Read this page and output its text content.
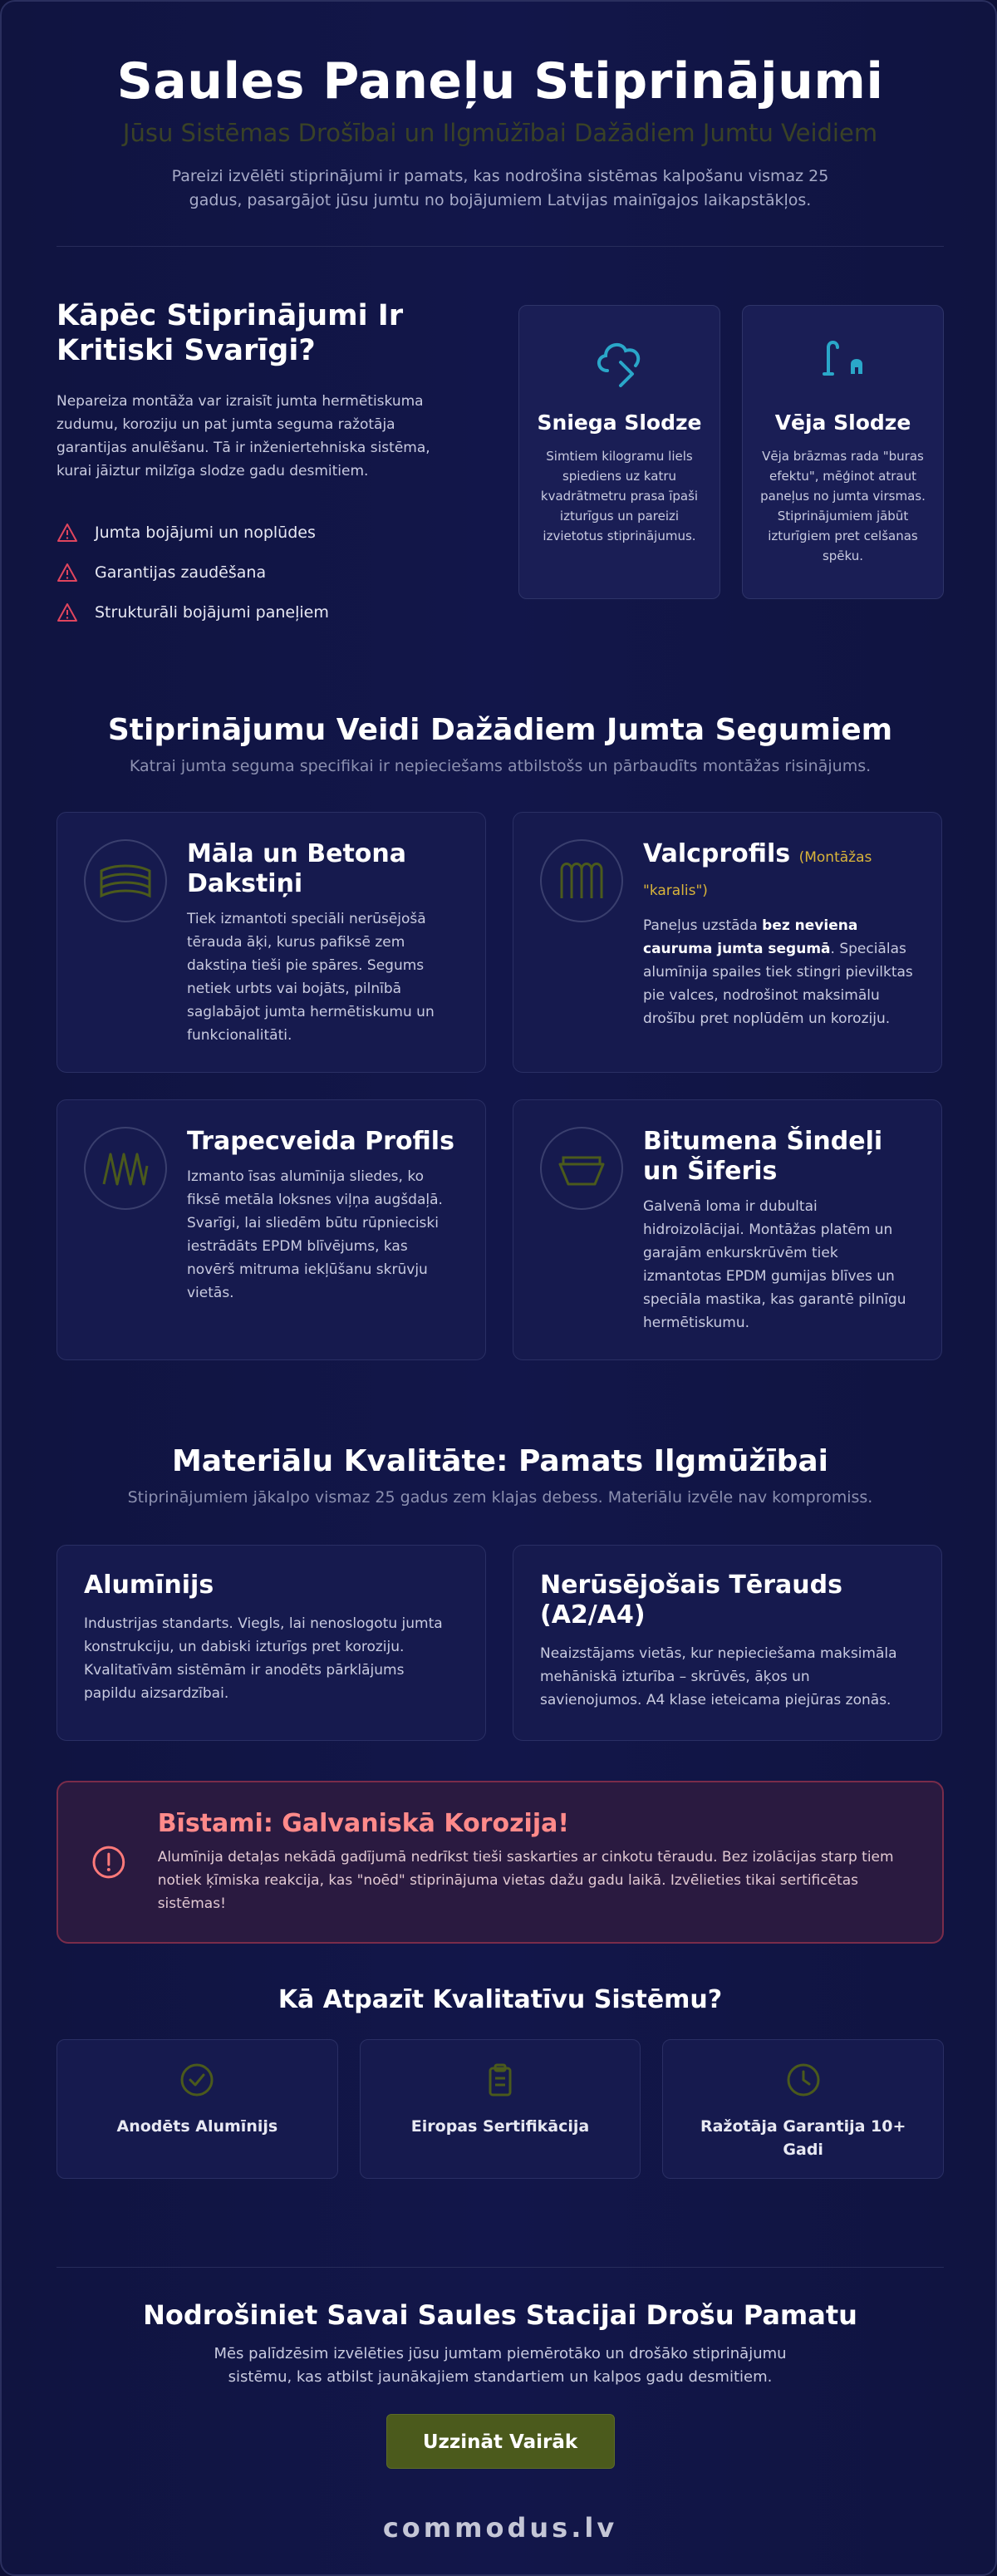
Saules Paneļu Stiprinājumi
Jūsu Sistēmas Drošībai un Ilgmūžībai Dažādiem Jumtu Veidiem

Pareizi izvēlēti stiprinājumi ir pamats, kas nodrošina sistēmas kalpošanu vismaz 25 gadus, pasargājot jūsu jumtu no bojājumiem Latvijas mainīgajos laikapstākļos.

Kāpēc Stiprinājumi Ir Kritiski Svarīgi?

Nepareiza montāža var izraisīt jumta hermētiskuma zudumu, koroziju un pat jumta seguma ražotāja garantijas anulēšanu. Tā ir inženiertehniska sistēma, kurai jāiztur milzīga slodze gadu desmitiem.

Jumta bojājumi un noplūdes
Garantijas zaudēšana
Strukturāli bojājumi paneļiem
Sniega Slodze

Simtiem kilogramu liels spiediens uz katru kvadrātmetru prasa īpaši izturīgus un pareizi izvietotus stiprinājumus.

Vēja Slodze

Vēja brāzmas rada "buras efektu", mēģinot atraut paneļus no jumta virsmas. Stiprinājumiem jābūt izturīgiem pret celšanas spēku.

Stiprinājumu Veidi Dažādiem Jumta Segumiem

Katrai jumta seguma specifikai ir nepieciešams atbilstošs un pārbaudīts montāžas risinājums.

Māla un Betona Dakstiņi

Tiek izmantoti speciāli nerūsējošā tērauda āķi, kurus pafiksē zem dakstiņa tieši pie spāres. Segums netiek urbts vai bojāts, pilnībā saglabājot jumta hermētiskumu un funkcionalitāti.

Valcprofils (Montāžas "karalis")

Paneļus uzstāda bez neviena cauruma jumta segumā. Speciālas alumīnija spailes tiek stingri pievilktas pie valces, nodrošinot maksimālu drošību pret noplūdēm un koroziju.

Trapecveida Profils

Izmanto īsas alumīnija sliedes, ko fiksē metāla loksnes viļņa augšdaļā. Svarīgi, lai sliedēm būtu rūpnieciski iestrādāts EPDM blīvējums, kas novērš mitruma iekļūšanu skrūvju vietās.

Bitumena Šindeļi un Šiferis

Galvenā loma ir dubultai hidroizolācijai. Montāžas platēm un garajām enkurskrūvēm tiek izmantotas EPDM gumijas blīves un speciāla mastika, kas garantē pilnīgu hermētiskumu.

Materiālu Kvalitāte: Pamats Ilgmūžībai

Stiprinājumiem jākalpo vismaz 25 gadus zem klajas debess. Materiālu izvēle nav kompromiss.

Alumīnijs

Industrijas standarts. Viegls, lai nenoslogotu jumta konstrukciju, un dabiski izturīgs pret koroziju. Kvalitatīvām sistēmām ir anodēts pārklājums papildu aizsardzībai.

Nerūsējošais Tērauds (A2/A4)

Neaizstājams vietās, kur nepieciešama maksimāla mehāniskā izturība – skrūvēs, āķos un savienojumos. A4 klase ieteicama piejūras zonās.

Bīstami: Galvaniskā Korozija!

Alumīnija detaļas nekādā gadījumā nedrīkst tieši saskarties ar cinkotu tēraudu. Bez izolācijas starp tiem notiek ķīmiska reakcija, kas "noēd" stiprinājuma vietas dažu gadu laikā. Izvēlieties tikai sertificētas sistēmas!

Kā Atpazīt Kvalitatīvu Sistēmu?
Anodēts Alumīnijs	Eiropas Sertifikācija	Ražotāja Garantija 10+ Gadi
Nodrošiniet Savai Saules Stacijai Drošu Pamatu

Mēs palīdzēsim izvēlēties jūsu jumtam piemērotāko un drošāko stiprinājumu sistēmu, kas atbilst jaunākajiem standartiem un kalpos gadu desmitiem.

Uzzināt Vairāk
commodus.lv
